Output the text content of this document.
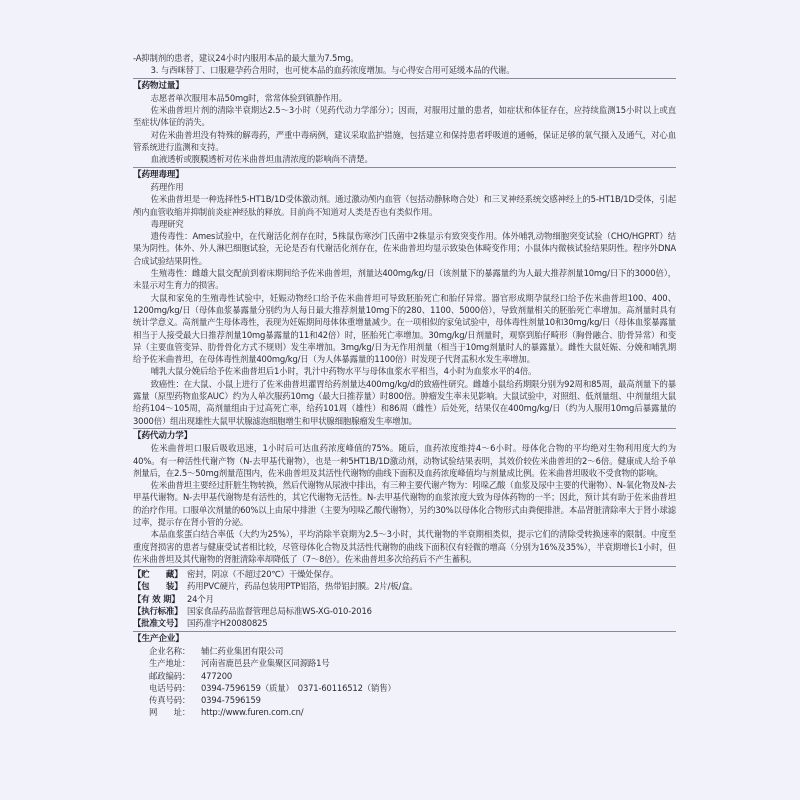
-A抑制剂的患者，建议24小时内服用本品的最大量为7.5mg。

3. 与西咪替丁、口服避孕药合用时，也可使本品的血药浓度增加。与心得安合用可延缓本品的代谢。

【药物过量】

志愿者单次服用本品50mg时，常常体验到镇静作用。

佐米曲普坦片剂的清除半衰期达2.5～3小时（见药代动力学部分）；因而，对服用过量的患者，如症状和体征存在，应持续监测15小时以上或直至症状/体征的消失。

对佐米曲普坦没有特殊的解毒药，严重中毒病例，建议采取监护措施，包括建立和保持患者呼吸道的通畅，保证足够的氧气摄入及通气，对心血管系统进行监测和支持。

血液透析或腹膜透析对佐米曲普坦血清浓度的影响尚不清楚。

【药理毒理】

药理作用

佐米曲普坦是一种选择性5-HT1B/1D受体激动剂。通过激动颅内血管（包括动静脉吻合处）和三叉神经系统交感神经上的5-HT1B/1D受体，引起颅内血管收缩并抑制前炎症神经肽的释放。目前尚不知道对人类是否也有类似作用。

毒理研究

遗传毒性：Ames试验中，在代谢活化剂存在时，5株鼠伤寒沙门氏菌中2株显示有致突变作用。体外哺乳动物细胞突变试验（CHO/HGPRT）结果为阴性。体外、外人淋巴细胞试验，无论是否有代谢活化剂存在，佐米曲普坦均显示致染色体畸变作用；小鼠体内微核试验结果阴性。程序外DNA合成试验结果阴性。

生殖毒性：雌雄大鼠交配前到着床期间给予佐米曲普坦，剂量达400mg/kg/日（该剂量下的暴露量约为人最大推荐剂量10mg/日下的3000倍），未显示对生育力的损害。

大鼠和家兔的生殖毒性试验中，妊娠动物经口给予佐米曲普坦可导致胚胎死亡和胎仔异常。器官形成期孕鼠经口给予佐米曲普坦100、400、1200mg/kg/日（母体血浆暴露量分别约为人每日最大推荐剂量10mg下的280、1100、5000倍），导致剂量相关的胚胎死亡率增加。高剂量时具有统计学意义。高剂量产生母体毒性，表现为妊娠期间母体体重增量减少。在一项相似的家兔试验中，母体毒性剂量10和30mg/kg/日（母体血浆暴露量相当于人接受最大日推荐剂量10mg暴露量的11和42倍）时，胚胎死亡率增加。30mg/kg/日剂量时，观察到胎仔畸形（胸骨融合、肋骨异常）和变异（主要血管变异、肋骨骨化方式不规则）发生率增加。3mg/kg/日为无作用剂量（相当于10mg剂量时人的暴露量）。雌性大鼠妊娠、分娩和哺乳期给予佐米曲普坦，在母体毒性剂量400mg/kg/日（为人体暴露量的1100倍）时发现子代肾盂积水发生率增加。

哺乳大鼠分娩后给予佐米曲普坦后1小时，乳汁中药物水平与母体血浆水平相当，4小时为血浆水平的4倍。

致癌性：在大鼠、小鼠上进行了佐米曲普坦灌胃给药剂量达400mg/kg/d的致癌性研究。雌雄小鼠给药期限分别为92周和85周，最高剂量下的暴露量（原型药物血浆AUC）约为人单次服药10mg（最大日推荐量）时800倍。肿瘤发生率未见影响。大鼠试验中，对照组、低剂量组、中剂量组大鼠给药104～105周，高剂量组由于过高死亡率，给药101周（雄性）和86周（雌性）后处死，结果仅在400mg/kg/日（约为人服用10mg后暴露量的3000倍）组出现雄性大鼠甲状腺滤泡细胞增生和甲状腺细胞腺瘤发生率增加。

【药代动力学】

佐米曲普坦口服后吸收迅速，1小时后可达血药浓度峰值的75%。随后，血药浓度维持4～6小时。母体化合物的平均绝对生物利用度大约为40%。有一种活性代谢产物（N-去甲基代谢物），也是一种5HT1B/1D激动剂，动物试验结果表明，其效价较佐米曲普坦的2～6倍。健康成人给予单剂量后，在2.5～50mg剂量范围内，佐米曲普坦及其活性代谢物的曲线下面积及血药浓度峰值均与剂量成比例。佐米曲普坦吸收不受食物的影响。

佐米曲普坦主要经过肝脏生物转换，然后代谢物从尿液中排出，有三种主要代谢产物为：吲哚乙酸（血浆及尿中主要的代谢物）、N-氧化物及N-去甲基代谢物。N-去甲基代谢物是有活性的，其它代谢物无活性。N-去甲基代谢物的血浆浓度大致为母体药物的一半；因此，预计其有助于佐米曲普坦的治疗作用。口服单次剂量的60%以上由尿中排泄（主要为吲哚乙酸代谢物），另约30%以母体化合物形式由粪便排泄。本品肾脏清除率大于肾小球滤过率，提示存在肾小管的分泌。

本品血浆蛋白结合率低（大约为25%），平均消除半衰期为2.5～3小时，其代谢物的半衰期相类似，提示它们的清除受转换速率的限制。中度至重度肾损害的患者与健康受试者相比较，尽管母体化合物及其活性代谢物的曲线下面积仅有轻微的增高（分别为16%及35%），半衰期增长1小时，但佐米曲普坦及其代谢物的肾脏清除率却降低了（7～8倍）。佐米曲普坦多次给药后不产生蓄积。

【贮　　藏】 密封，阴凉（不超过20℃）干燥处保存。
【包　　装】 药用PVC硬片，药品包装用PTP铝箔，热带铝封膜。2片/板/盒。
【有 效 期】 24个月
【执行标准】 国家食品药品监督管理总局标准WS-XG-010-2016
【批准文号】 国药准字H20080825
【生产企业】
企业名称：	辅仁药业集团有限公司
生产地址：	河南省鹿邑县产业集聚区同源路1号
邮政编码：	477200
电话号码：	0394-7596159（质量）　0371-60116512（销售）
传真号码：	0394-7596159
网　　址：	http://www.furen.com.cn/
